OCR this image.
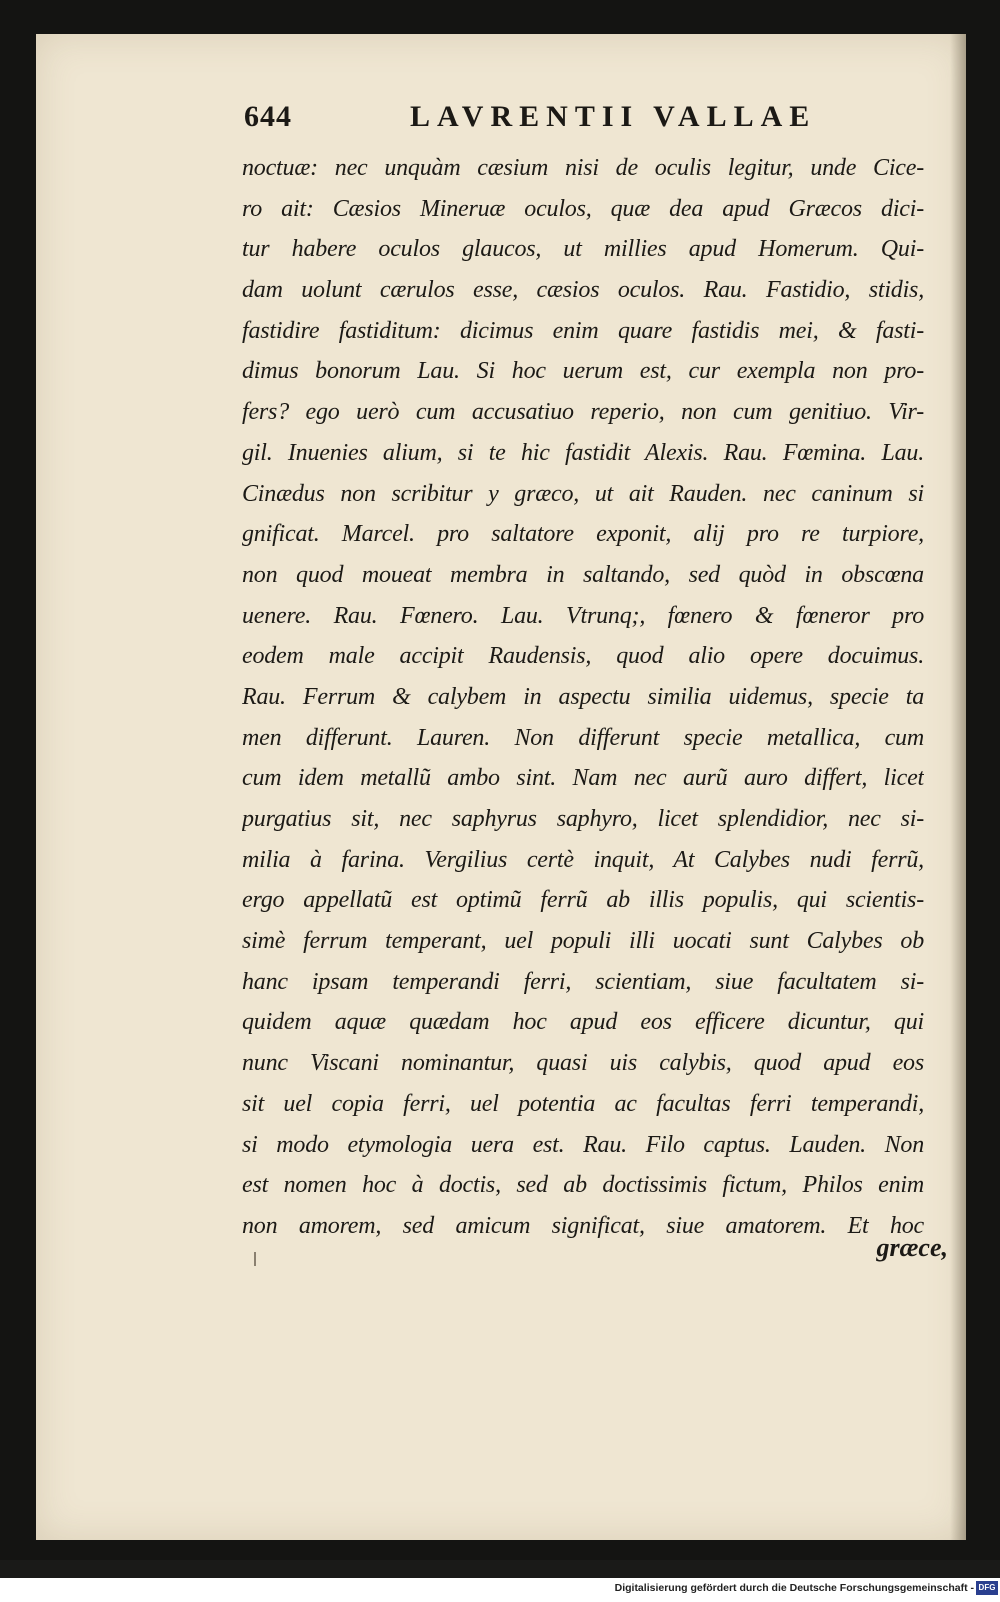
644	LAVRENTII VALLAE
noctuæ: nec unquàm cæsium nisi de oculis legitur, unde Cice-
ro ait: Cæsios Mineruæ oculos, quæ dea apud Græcos dici-
tur habere oculos glaucos, ut millies apud Homerum. Qui-
dam uolunt cærulos esse, cæsios oculos. Rau. Fastidio, stidis,
fastidire fastiditum: dicimus enim quare fastidis mei, & fasti-
dimus bonorum Lau. Si hoc uerum est, cur exempla non pro-
fers? ego uerò cum accusatiuo reperio, non cum genitiuo. Vir-
gil. Inuenies alium, si te hic fastidit Alexis. Rau. Fœmina. Lau.
Cinædus non scribitur y græco, ut ait Rauden. nec caninum si
gnificat. Marcel. pro saltatore exponit, alij pro re turpiore,
non quod moueat membra in saltando, sed quòd in obscœna
uenere. Rau. Fœnero. Lau. Vtrunq;, fœnero & fœneror pro
eodem male accipit Raudensis, quod alio opere docuimus.
Rau. Ferrum & calybem in aspectu similia uidemus, specie ta
men differunt. Lauren. Non differunt specie metallica, cum
cum idem metallũ ambo sint. Nam nec aurũ auro differt, licet
purgatius sit, nec saphyrus saphyro, licet splendidior, nec si-
milia à farina. Vergilius certè inquit, At Calybes nudi ferrũ,
ergo appellatũ est optimũ ferrũ ab illis populis, qui scientis-
simè ferrum temperant, uel populi illi uocati sunt Calybes ob
hanc ipsam temperandi ferri, scientiam, siue facultatem si-
quidem aquæ quædam hoc apud eos efficere dicuntur, qui
nunc Viscani nominantur, quasi uis calybis, quod apud eos
sit uel copia ferri, uel potentia ac facultas ferri temperandi,
si modo etymologia uera est. Rau. Filo captus. Lauden. Non
est nomen hoc à doctis, sed ab doctissimis fictum, Philos enim
non amorem, sed amicum significat, siue amatorem. Et hoc
græce,
Digitalisierung gefördert durch die Deutsche Forschungsgemeinschaft - DFG
